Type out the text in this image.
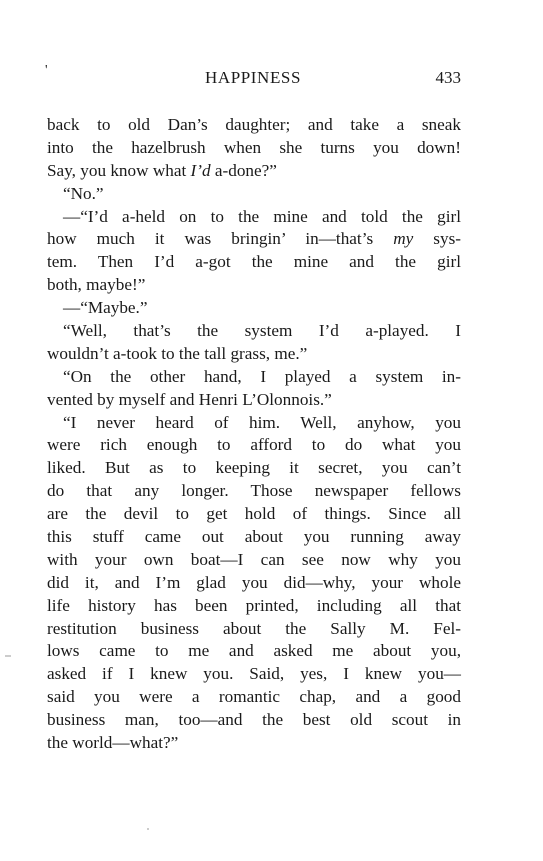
'	HAPPINESS	433
back to old Dan’s daughter; and take a sneak
into the hazelbrush when she turns you down!
Say, you know what I’d a-done?”
“No.”
—“I’d a-held on to the mine and told the girl
how much it was bringin’ in—that’s my sys-
tem. Then I’d a-got the mine and the girl
both, maybe!”
—“Maybe.”
“Well, that’s the system I’d a-played. I
wouldn’t a-took to the tall grass, me.”
“On the other hand, I played a system in-
vented by myself and Henri L’Olonnois.”
“I never heard of him. Well, anyhow, you
were rich enough to afford to do what you
liked. But as to keeping it secret, you can’t
do that any longer. Those newspaper fellows
are the devil to get hold of things. Since all
this stuff came out about you running away
with your own boat—I can see now why you
did it, and I’m glad you did—why, your whole
life history has been printed, including all that
restitution business about the Sally M. Fel-
lows came to me and asked me about you,
asked if I knew you. Said, yes, I knew you—
said you were a romantic chap, and a good
business man, too—and the best old scout in
the world—what?”
